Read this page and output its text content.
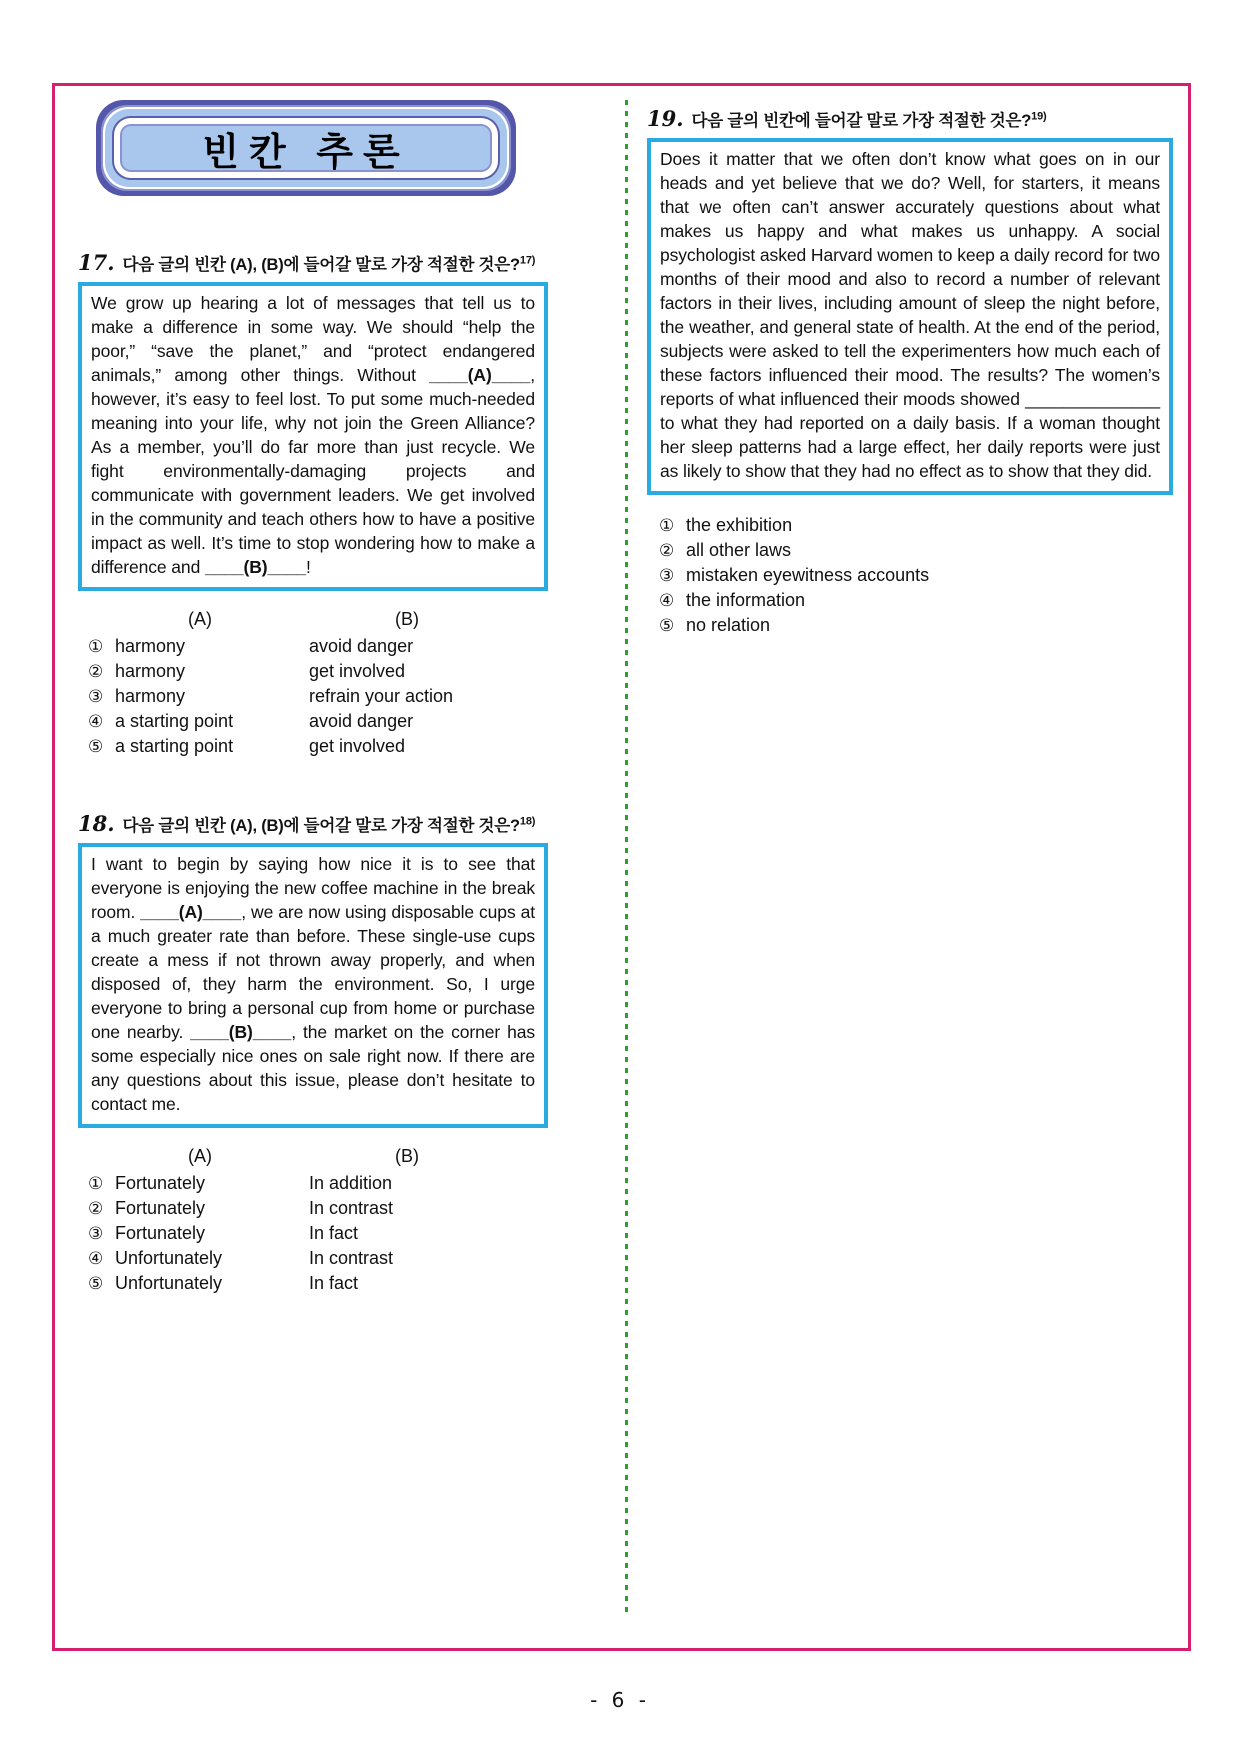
빈칸 추론
17. 다음 글의 빈칸 (A), (B)에 들어갈 말로 가장 적절한 것은?$^{17)}$
We grow up hearing a lot of messages that tell us to make a difference in some way. We should “help the poor,” “save the planet,” and “protect endangered animals,” among other things. Without ____(A)____, however, it’s easy to feel lost. To put some much-needed meaning into your life, why not join the Green Alliance? As a member, you’ll do far more than just recycle. We fight environmentally-damaging projects and communicate with government leaders. We get involved in the community and teach others how to have a positive impact as well. It’s time to stop wondering how to make a difference and ____(B)____!
(A)	(B)
① harmony	avoid danger
② harmony	get involved
③ harmony	refrain your action
④ a starting point	avoid danger
⑤ a starting point	get involved
18. 다음 글의 빈칸 (A), (B)에 들어갈 말로 가장 적절한 것은?$^{18)}$
I want to begin by saying how nice it is to see that everyone is enjoying the new coffee machine in the break room. ____(A)____, we are now using disposable cups at a much greater rate than before. These single-use cups create a mess if not thrown away properly, and when disposed of, they harm the environment. So, I urge everyone to bring a personal cup from home or purchase one nearby. ____(B)____, the market on the corner has some especially nice ones on sale right now. If there are any questions about this issue, please don’t hesitate to contact me.
(A)	(B)
① Fortunately	In addition
② Fortunately	In contrast
③ Fortunately	In fact
④ Unfortunately	In contrast
⑤ Unfortunately	In fact
19. 다음 글의 빈칸에 들어갈 말로 가장 적절한 것은?$^{19)}$
Does it matter that we often don’t know what goes on in our heads and yet believe that we do? Well, for starters, it means that we often can’t answer accurately questions about what makes us happy and what makes us unhappy. A social psychologist asked Harvard women to keep a daily record for two months of their mood and also to record a number of relevant factors in their lives, including amount of sleep the night before, the weather, and general state of health. At the end of the period, subjects were asked to tell the experimenters how much each of these factors influenced their mood. The results? The women’s reports of what influenced their moods showed ______________ to what they had reported on a daily basis. If a woman thought her sleep patterns had a large effect, her daily reports were just as likely to show that they had no effect as to show that they did.
① the exhibition
② all other laws
③ mistaken eyewitness accounts
④ the information
⑤ no relation
- 6 -
